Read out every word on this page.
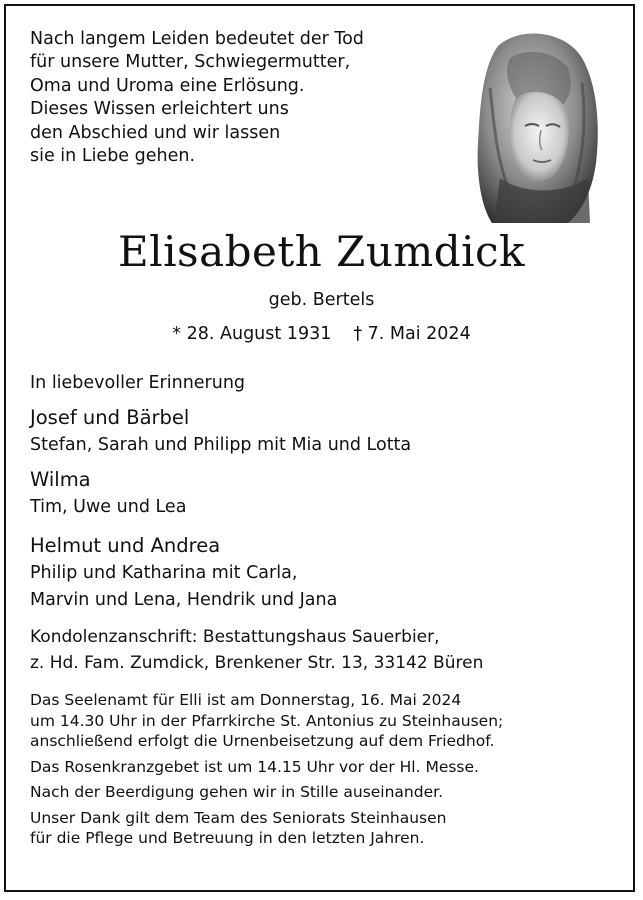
Nach langem Leiden bedeutet der Tod
für unsere Mutter, Schwiegermutter,
Oma und Uroma eine Erlösung.
Dieses Wissen erleichtert uns
den Abschied und wir lassen
sie in Liebe gehen.
Elisabeth Zumdick
geb. Bertels
* 28. August 1931 † 7. Mai 2024
In liebevoller Erinnerung
Josef und Bärbel
Stefan, Sarah und Philipp mit Mia und Lotta
Wilma
Tim, Uwe und Lea
Helmut und Andrea
Philip und Katharina mit Carla,
Marvin und Lena, Hendrik und Jana
Kondolenzanschrift: Bestattungshaus Sauerbier,
z. Hd. Fam. Zumdick, Brenkener Str. 13, 33142 Büren
Das Seelenamt für Elli ist am Donnerstag, 16. Mai 2024
um 14.30 Uhr in der Pfarrkirche St. Antonius zu Steinhausen;
anschließend erfolgt die Urnenbeisetzung auf dem Friedhof.
Das Rosenkranzgebet ist um 14.15 Uhr vor der Hl. Messe.
Nach der Beerdigung gehen wir in Stille auseinander.
Unser Dank gilt dem Team des Seniorats Steinhausen
für die Pflege und Betreuung in den letzten Jahren.
